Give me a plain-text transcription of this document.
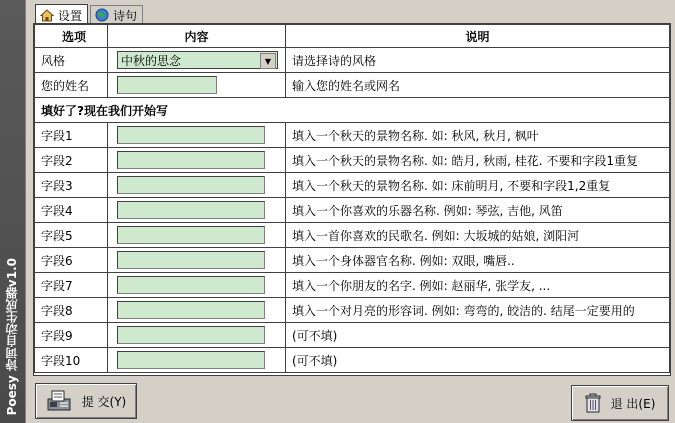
Poesy 诗词自动生成器v1.0
设置	诗句
选项	内容	说明
风格	中秋的思念 ▼	请选择诗的风格
您的姓名		输入您的姓名或网名
填好了?现在我们开始写		
字段1		填入一个秋天的景物名称. 如: 秋风, 秋月, 枫叶
字段2		填入一个秋天的景物名称. 如: 皓月, 秋雨, 桂花. 不要和字段1重复
字段3		填入一个秋天的景物名称. 如: 床前明月, 不要和字段1,2重复
字段4		填入一个你喜欢的乐器名称. 例如: 琴弦, 吉他, 风笛
字段5		填入一首你喜欢的民歌名. 例如: 大坂城的姑娘, 浏阳河
字段6		填入一个身体器官名称. 例如: 双眼, 嘴唇..
字段7		填入一个你朋友的名字. 例如: 赵丽华, 张学友, ...
字段8		填入一个对月亮的形容词. 例如: 弯弯的, 皎洁的. 结尾一定要用的
字段9		(可不填)
字段10		(可不填)
提 交(Y)	退 出(E)
